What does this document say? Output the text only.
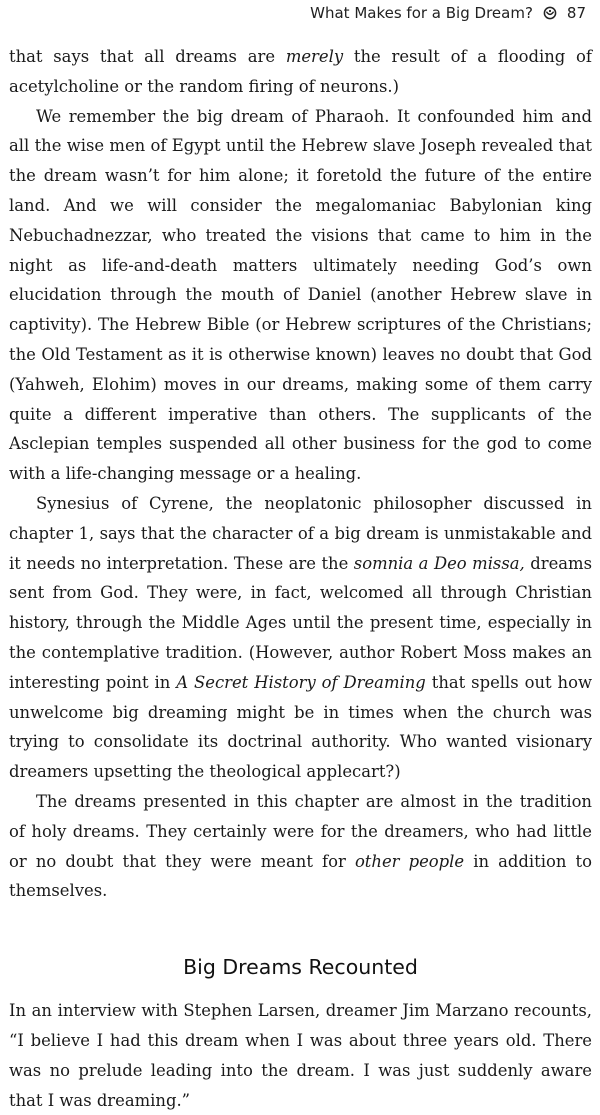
What Makes for a Big Dream? 87

that says that all dreams are merely the result of a flooding of acetylcholine or the random firing of neurons.)

We remember the big dream of Pharaoh. It confounded him and all the wise men of Egypt until the Hebrew slave Joseph revealed that the dream wasn’t for him alone; it foretold the future of the entire land. And we will consider the megalomaniac Babylonian king Nebuchadnezzar, who treated the visions that came to him in the night as life-and-death matters ultimately needing God’s own elucidation through the mouth of Daniel (another Hebrew slave in captivity). The Hebrew Bible (or Hebrew scriptures of the Christians; the Old Testament as it is otherwise known) leaves no doubt that God (Yahweh, Elohim) moves in our dreams, making some of them carry quite a different imperative than others. The supplicants of the Asclepian temples suspended all other business for the god to come with a life-changing message or a healing.

Synesius of Cyrene, the neoplatonic philosopher discussed in chapter 1, says that the character of a big dream is unmistakable and it needs no interpretation. These are the somnia a Deo missa, dreams sent from God. They were, in fact, welcomed all through Christian history, through the Middle Ages until the present time, especially in the contemplative tradition. (However, author Robert Moss makes an interesting point in A Secret History of Dreaming that spells out how unwelcome big dreaming might be in times when the church was trying to consolidate its doctrinal authority. Who wanted visionary dreamers upsetting the theological applecart?)

The dreams presented in this chapter are almost in the tradition of holy dreams. They certainly were for the dreamers, who had little or no doubt that they were meant for other people in addition to themselves.

Big Dreams Recounted

In an interview with Stephen Larsen, dreamer Jim Marzano recounts, “I believe I had this dream when I was about three years old. There was no prelude leading into the dream. I was just suddenly aware that I was dreaming.”
